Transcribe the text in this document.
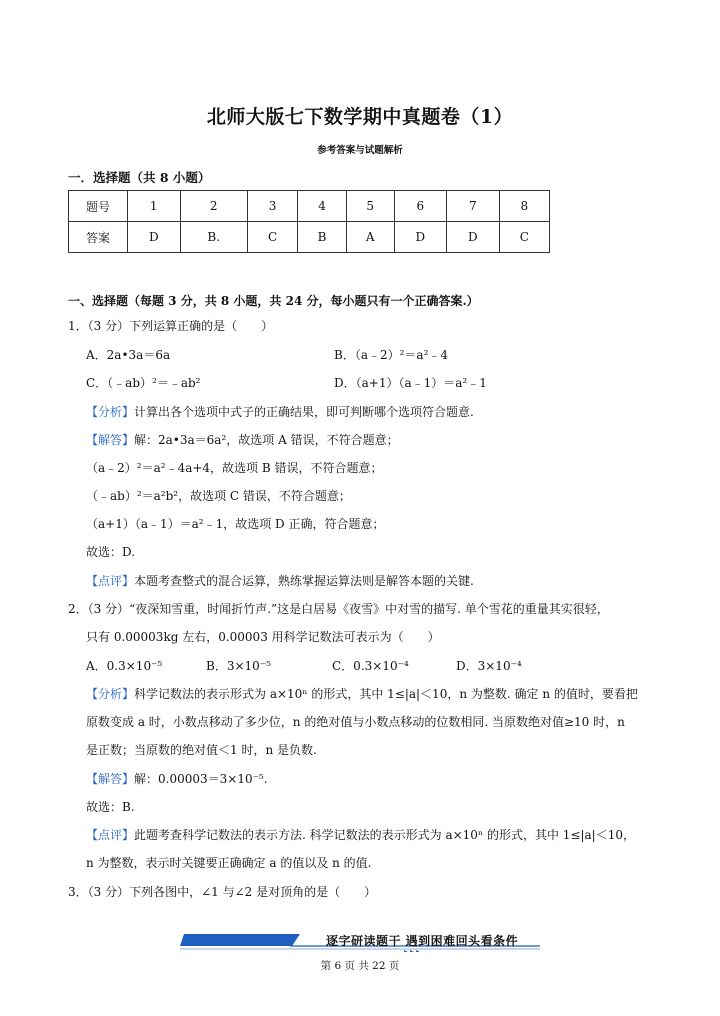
北师大版七下数学期中真题卷（1）
参考答案与试题解析
一．选择题（共 8 小题）
题号	1	2	3	4	5	6	7	8
答案	D	B.	C	B	A	D	D	C
一、选择题（每题 3 分，共 8 小题，共 24 分，每小题只有一个正确答案.）
1．（3 分）下列运算正确的是（　　）
A．2a•3a＝6a	B．（a﹣2）²＝a²﹣4
C．（﹣ab）²＝﹣ab²	D．（a+1）（a﹣1）＝a²﹣1
【分析】计算出各个选项中式子的正确结果，即可判断哪个选项符合题意.
【解答】解：2a•3a＝6a²，故选项 A 错误，不符合题意；
（a﹣2）²＝a²﹣4a+4，故选项 B 错误，不符合题意；
（﹣ab）²＝a²b²，故选项 C 错误，不符合题意；
（a+1）（a﹣1）＝a²﹣1，故选项 D 正确，符合题意；
故选：D.
【点评】本题考查整式的混合运算，熟练掌握运算法则是解答本题的关键.
2．（3 分）“夜深知雪重，时闻折竹声.”这是白居易《夜雪》中对雪的描写. 单个雪花的重量其实很轻，
只有 0.00003kg 左右，0.00003 用科学记数法可表示为（　　）
A．0.3×10⁻⁵	B．3×10⁻⁵	C．0.3×10⁻⁴	D．3×10⁻⁴
【分析】科学记数法的表示形式为 a×10ⁿ 的形式，其中 1≤|a|＜10，n 为整数. 确定 n 的值时，要看把
原数变成 a 时，小数点移动了多少位，n 的绝对值与小数点移动的位数相同. 当原数绝对值≥10 时，n
是正数；当原数的绝对值＜1 时，n 是负数.
【解答】解：0.00003＝3×10⁻⁵.
故选：B.
【点评】此题考查科学记数法的表示方法. 科学记数法的表示形式为 a×10ⁿ 的形式，其中 1≤|a|＜10，
n 为整数，表示时关键要正确确定 a 的值以及 n 的值.
3．（3 分）下列各图中，∠1 与∠2 是对顶角的是（　　）
逐字研读题干 遇到困难回头看条件
第 6 页 共 22 页
